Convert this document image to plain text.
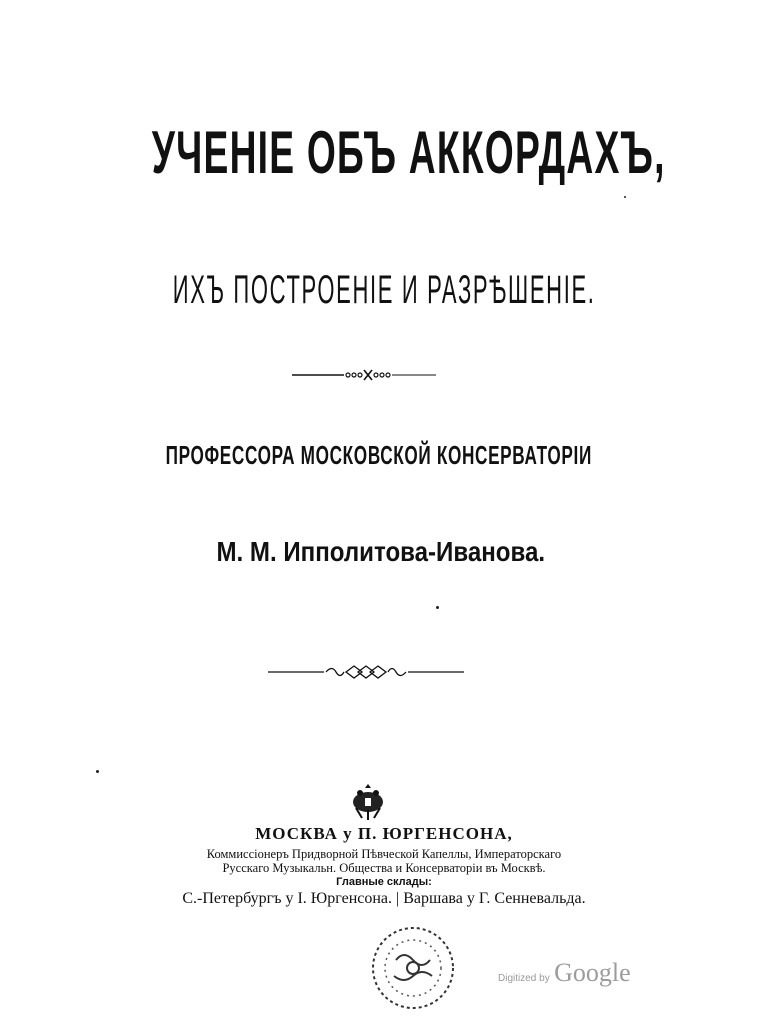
УЧЕНІЕ ОБЪ АККОРДАХЪ,
ИХЪ ПОСТРОЕНІЕ И РАЗРѢШЕНІЕ.
ПРОФЕССОРА МОСКОВСКОЙ КОНСЕРВАТОРІИ
М. М. Ипполитова-Иванова.
МОСКВА у П. ЮРГЕНСОНА,
Коммиссіонеръ Придворной Пѣвческой Капеллы, Императорскаго
Русскаго Музыкальн. Общества и Консерваторіи въ Москвѣ.
Главные склады:
С.-Петербургъ у І. Юргенсона. | Варшава у Г. Сенневальда.
Digitized by Google
